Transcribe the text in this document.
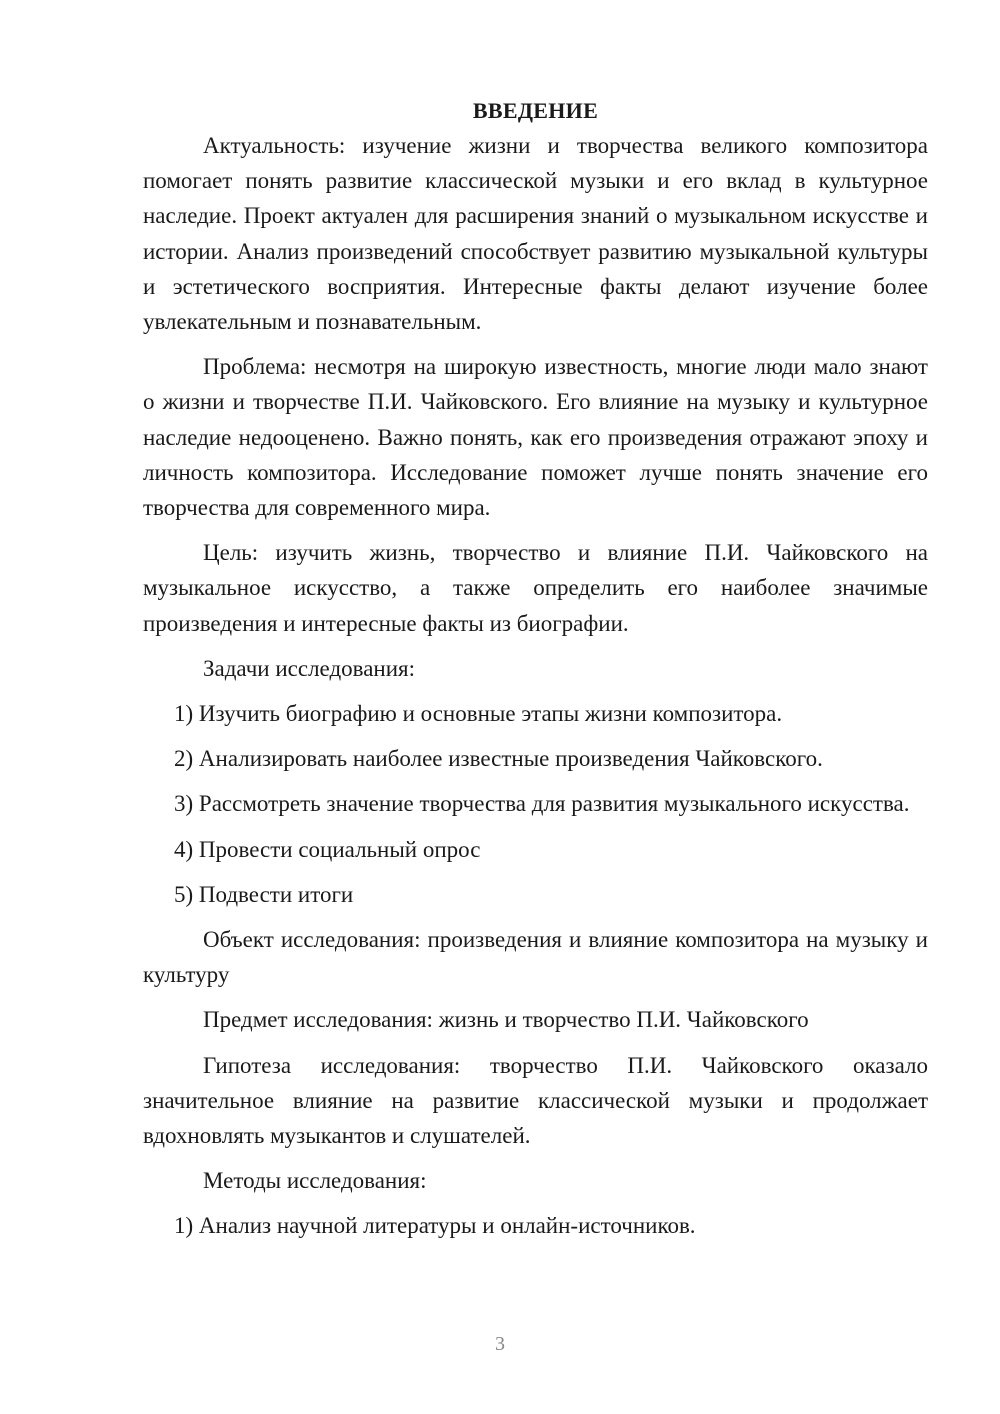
ВВЕДЕНИЕ

Актуальность: изучение жизни и творчества великого композитора помогает понять развитие классической музыки и его вклад в культурное наследие. Проект актуален для расширения знаний о музыкальном искусстве и истории. Анализ произведений способствует развитию музыкальной культуры и эстетического восприятия. Интересные факты делают изучение более увлекательным и познавательным.

Проблема: несмотря на широкую известность, многие люди мало знают о жизни и творчестве П.И. Чайковского. Его влияние на музыку и культурное наследие недооценено. Важно понять, как его произведения отражают эпоху и личность композитора. Исследование поможет лучше понять значение его творчества для современного мира.

Цель: изучить жизнь, творчество и влияние П.И. Чайковского на музыкальное искусство, а также определить его наиболее значимые произведения и интересные факты из биографии.

Задачи исследования:

1) Изучить биографию и основные этапы жизни композитора.

2) Анализировать наиболее известные произведения Чайковского.

3) Рассмотреть значение творчества для развития музыкального искусства.

4) Провести социальный опрос

5) Подвести итоги

Объект исследования: произведения и влияние композитора на музыку и культуру

Предмет исследования: жизнь и творчество П.И. Чайковского

Гипотеза исследования: творчество П.И. Чайковского оказало значительное влияние на развитие классической музыки и продолжает вдохновлять музыкантов и слушателей.

Методы исследования:

1) Анализ научной литературы и онлайн-источников.

3
